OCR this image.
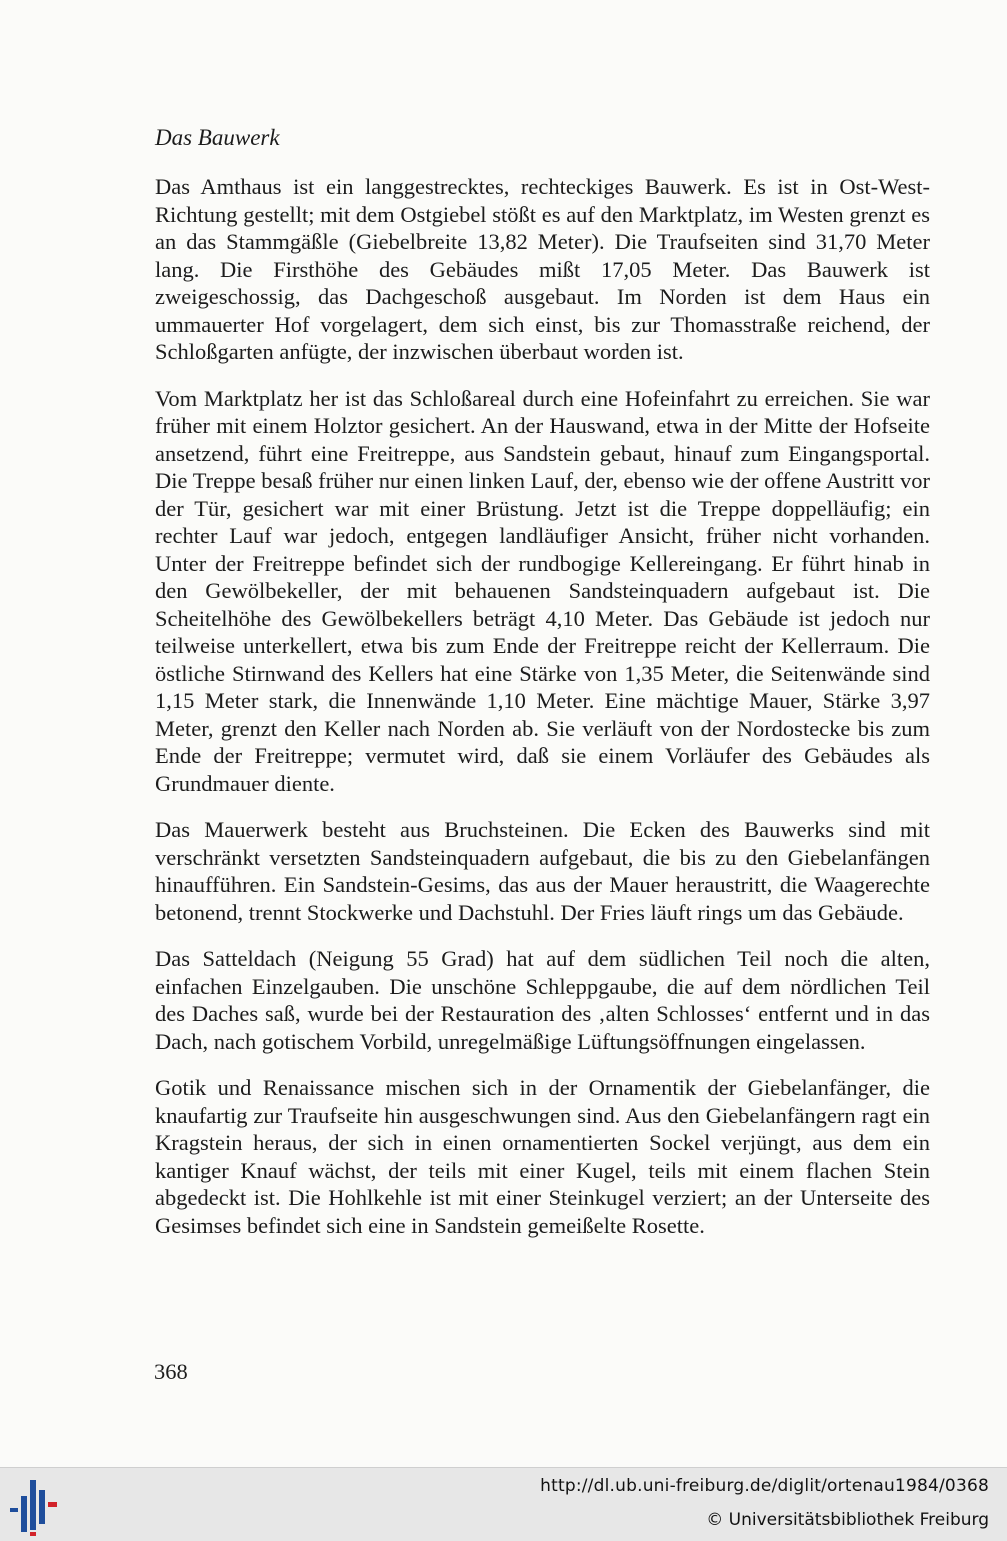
Das Bauwerk

Das Amthaus ist ein langgestrecktes, rechteckiges Bauwerk. Es ist in Ost-West-Richtung gestellt; mit dem Ostgiebel stößt es auf den Marktplatz, im Westen grenzt es an das Stammgäßle (Giebelbreite 13,82 Meter). Die Traufseiten sind 31,70 Meter lang. Die Firsthöhe des Gebäudes mißt 17,05 Meter. Das Bauwerk ist zweigeschossig, das Dachgeschoß ausgebaut. Im Norden ist dem Haus ein ummauerter Hof vorgelagert, dem sich einst, bis zur Thomasstraße reichend, der Schloßgarten anfügte, der inzwischen überbaut worden ist.

Vom Marktplatz her ist das Schloßareal durch eine Hofeinfahrt zu erreichen. Sie war früher mit einem Holztor gesichert. An der Hauswand, etwa in der Mitte der Hofseite ansetzend, führt eine Freitreppe, aus Sandstein gebaut, hinauf zum Eingangsportal. Die Treppe besaß früher nur einen linken Lauf, der, ebenso wie der offene Austritt vor der Tür, gesichert war mit einer Brüstung. Jetzt ist die Treppe doppelläufig; ein rechter Lauf war jedoch, entgegen landläufiger Ansicht, früher nicht vorhanden. Unter der Freitreppe befindet sich der rundbogige Kellereingang. Er führt hinab in den Gewölbekeller, der mit behauenen Sandsteinquadern aufgebaut ist. Die Scheitelhöhe des Gewölbekellers beträgt 4,10 Meter. Das Gebäude ist jedoch nur teilweise unterkellert, etwa bis zum Ende der Freitreppe reicht der Kellerraum. Die östliche Stirnwand des Kellers hat eine Stärke von 1,35 Meter, die Seitenwände sind 1,15 Meter stark, die Innenwände 1,10 Meter. Eine mächtige Mauer, Stärke 3,97 Meter, grenzt den Keller nach Norden ab. Sie verläuft von der Nordostecke bis zum Ende der Freitreppe; vermutet wird, daß sie einem Vorläufer des Gebäudes als Grundmauer diente.

Das Mauerwerk besteht aus Bruchsteinen. Die Ecken des Bauwerks sind mit verschränkt versetzten Sandsteinquadern aufgebaut, die bis zu den Giebelanfängen hinaufführen. Ein Sandstein-Gesims, das aus der Mauer heraustritt, die Waagerechte betonend, trennt Stockwerke und Dachstuhl. Der Fries läuft rings um das Gebäude.

Das Satteldach (Neigung 55 Grad) hat auf dem südlichen Teil noch die alten, einfachen Einzelgauben. Die unschöne Schleppgaube, die auf dem nördlichen Teil des Daches saß, wurde bei der Restauration des ‚alten Schlosses‘ entfernt und in das Dach, nach gotischem Vorbild, unregelmäßige Lüftungsöffnungen eingelassen.

Gotik und Renaissance mischen sich in der Ornamentik der Giebelanfänger, die knaufartig zur Traufseite hin ausgeschwungen sind. Aus den Giebelanfängern ragt ein Kragstein heraus, der sich in einen ornamentierten Sockel verjüngt, aus dem ein kantiger Knauf wächst, der teils mit einer Kugel, teils mit einem flachen Stein abgedeckt ist. Die Hohlkehle ist mit einer Steinkugel verziert; an der Unterseite des Gesimses befindet sich eine in Sandstein gemeißelte Rosette.

368
http://dl.ub.uni-freiburg.de/diglit/ortenau1984/0368
© Universitätsbibliothek Freiburg
